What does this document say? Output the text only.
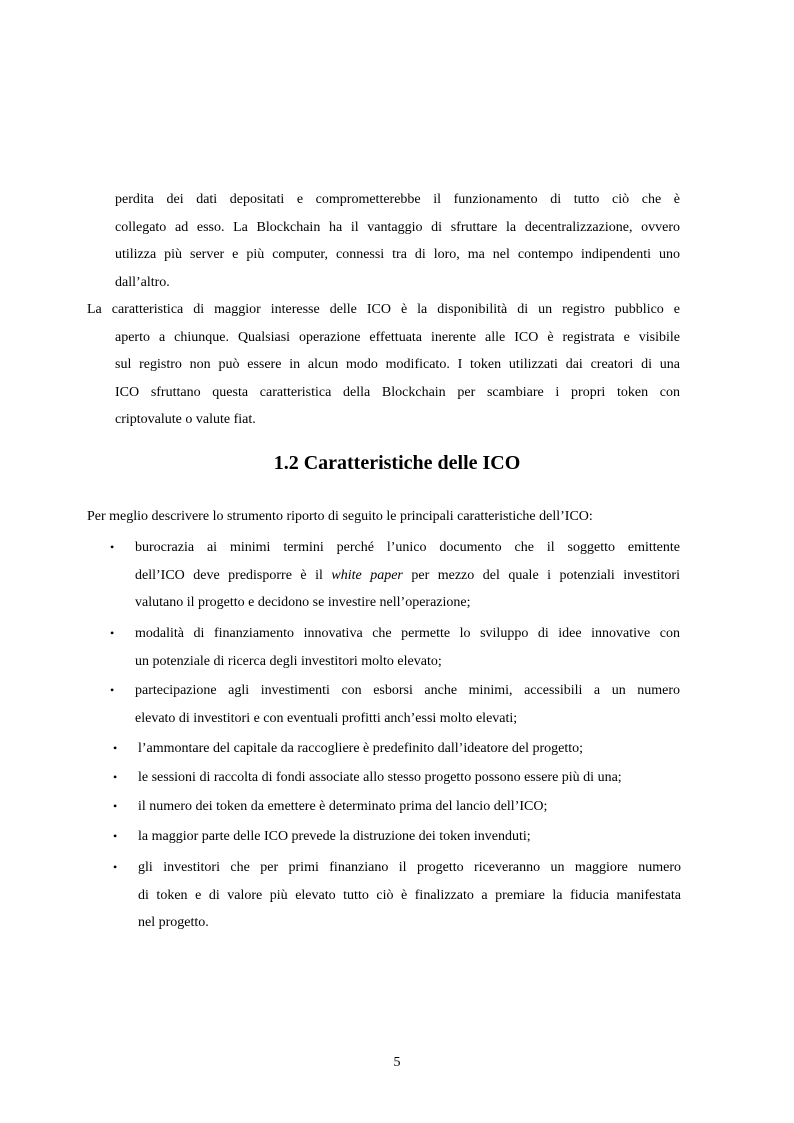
perdita dei dati depositati e comprometterebbe il funzionamento di tutto ciò che è
collegato ad esso. La Blockchain ha il vantaggio di sfruttare la decentralizzazione, ovvero
utilizza più server e più computer, connessi tra di loro, ma nel contempo indipendenti uno
dall’altro.
La caratteristica di maggior interesse delle ICO è la disponibilità di un registro pubblico e
aperto a chiunque. Qualsiasi operazione effettuata inerente alle ICO è registrata e visibile
sul registro non può essere in alcun modo modificato. I token utilizzati dai creatori di una
ICO sfruttano questa caratteristica della Blockchain per scambiare i propri token con
criptovalute o valute fiat.
1.2 Caratteristiche delle ICO

Per meglio descrivere lo strumento riporto di seguito le principali caratteristiche dell’ICO:

• burocrazia ai minimi termini perché l’unico documento che il soggetto emittente
dell’ICO deve predisporre è il white paper per mezzo del quale i potenziali investitori
valutano il progetto e decidono se investire nell’operazione;
• modalità di finanziamento innovativa che permette lo sviluppo di idee innovative con
un potenziale di ricerca degli investitori molto elevato;
• partecipazione agli investimenti con esborsi anche minimi, accessibili a un numero
elevato di investitori e con eventuali profitti anch’essi molto elevati;
• l’ammontare del capitale da raccogliere è predefinito dall’ideatore del progetto;
• le sessioni di raccolta di fondi associate allo stesso progetto possono essere più di una;
• il numero dei token da emettere è determinato prima del lancio dell’ICO;
• la maggior parte delle ICO prevede la distruzione dei token invenduti;
• gli investitori che per primi finanziano il progetto riceveranno un maggiore numero
di token e di valore più elevato tutto ciò è finalizzato a premiare la fiducia manifestata
nel progetto.
5
